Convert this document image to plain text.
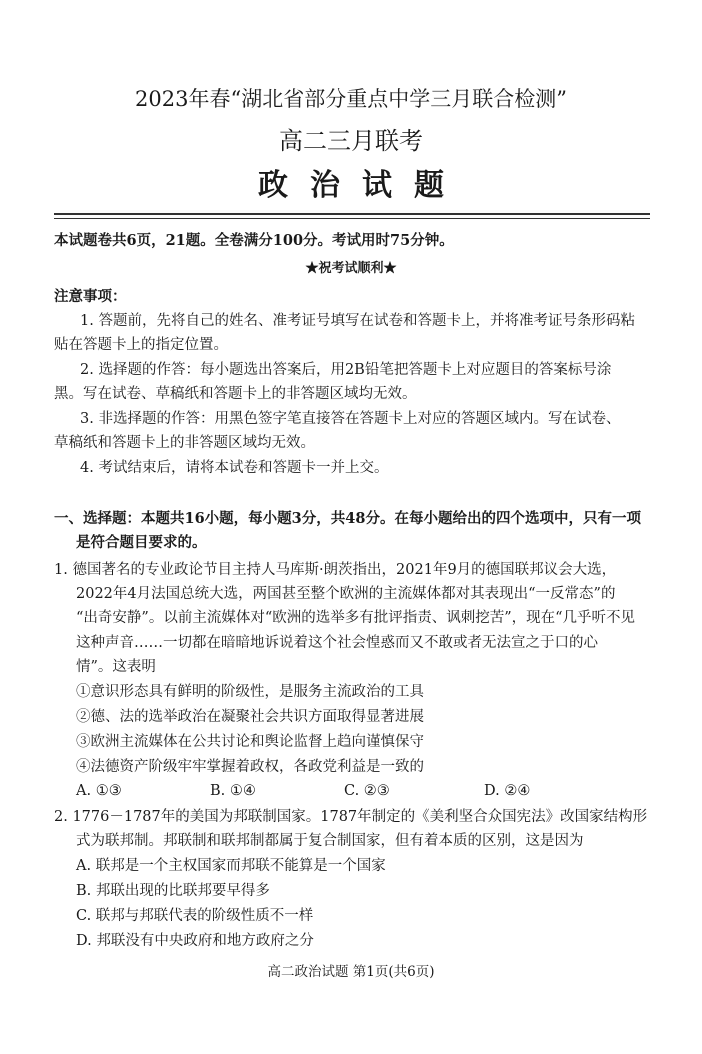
2023年春“湖北省部分重点中学三月联合检测”
高二三月联考
政治试题
本试题卷共6页，21题。全卷满分100分。考试用时75分钟。
★祝考试顺利★
注意事项：
1. 答题前，先将自己的姓名、准考证号填写在试卷和答题卡上，并将准考证号条形码粘
贴在答题卡上的指定位置。
2. 选择题的作答：每小题选出答案后，用2B铅笔把答题卡上对应题目的答案标号涂
黑。写在试卷、草稿纸和答题卡上的非答题区域均无效。
3. 非选择题的作答：用黑色签字笔直接答在答题卡上对应的答题区域内。写在试卷、
草稿纸和答题卡上的非答题区域均无效。
4. 考试结束后，请将本试卷和答题卡一并上交。
一、选择题：本题共16小题，每小题3分，共48分。在每小题给出的四个选项中，只有一项
是符合题目要求的。
1. 德国著名的专业政论节目主持人马库斯·朗茨指出，2021年9月的德国联邦议会大选，
2022年4月法国总统大选，两国甚至整个欧洲的主流媒体都对其表现出“一反常态”的
“出奇安静”。以前主流媒体对“欧洲的选举多有批评指责、讽刺挖苦”，现在“几乎听不见
这种声音……一切都在暗暗地诉说着这个社会惶惑而又不敢或者无法宣之于口的心
情”。这表明
①意识形态具有鲜明的阶级性，是服务主流政治的工具
②德、法的选举政治在凝聚社会共识方面取得显著进展
③欧洲主流媒体在公共讨论和舆论监督上趋向谨慎保守
④法德资产阶级牢牢掌握着政权，各政党利益是一致的
A. ①③	B. ①④	C. ②③	D. ②④
2. 1776－1787年的美国为邦联制国家。1787年制定的《美利坚合众国宪法》改国家结构形
式为联邦制。邦联制和联邦制都属于复合制国家，但有着本质的区别，这是因为
A. 联邦是一个主权国家而邦联不能算是一个国家
B. 邦联出现的比联邦要早得多
C. 联邦与邦联代表的阶级性质不一样
D. 邦联没有中央政府和地方政府之分
高二政治试题 第1页(共6页)
